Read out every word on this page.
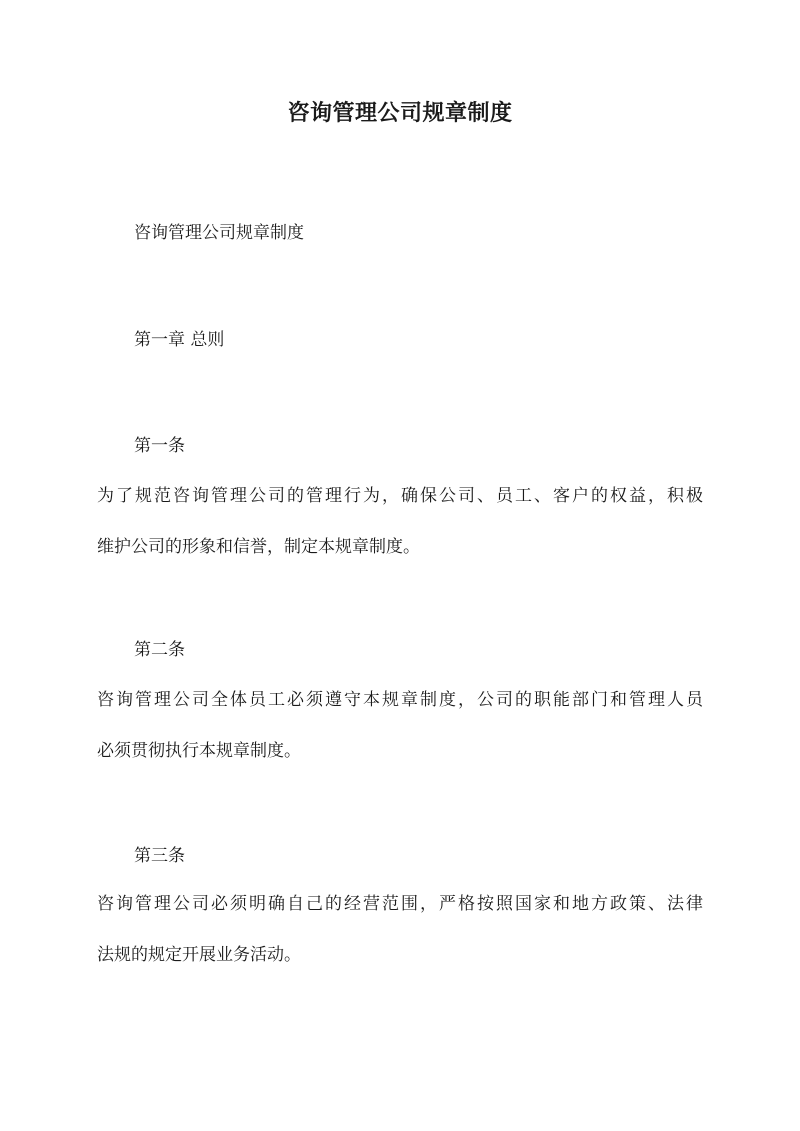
咨询管理公司规章制度
咨询管理公司规章制度
第一章 总则
第一条
为了规范咨询管理公司的管理行为，确保公司、员工、客户的权益，积极
维护公司的形象和信誉，制定本规章制度。
第二条
咨询管理公司全体员工必须遵守本规章制度，公司的职能部门和管理人员
必须贯彻执行本规章制度。
第三条
咨询管理公司必须明确自己的经营范围，严格按照国家和地方政策、法律
法规的规定开展业务活动。
